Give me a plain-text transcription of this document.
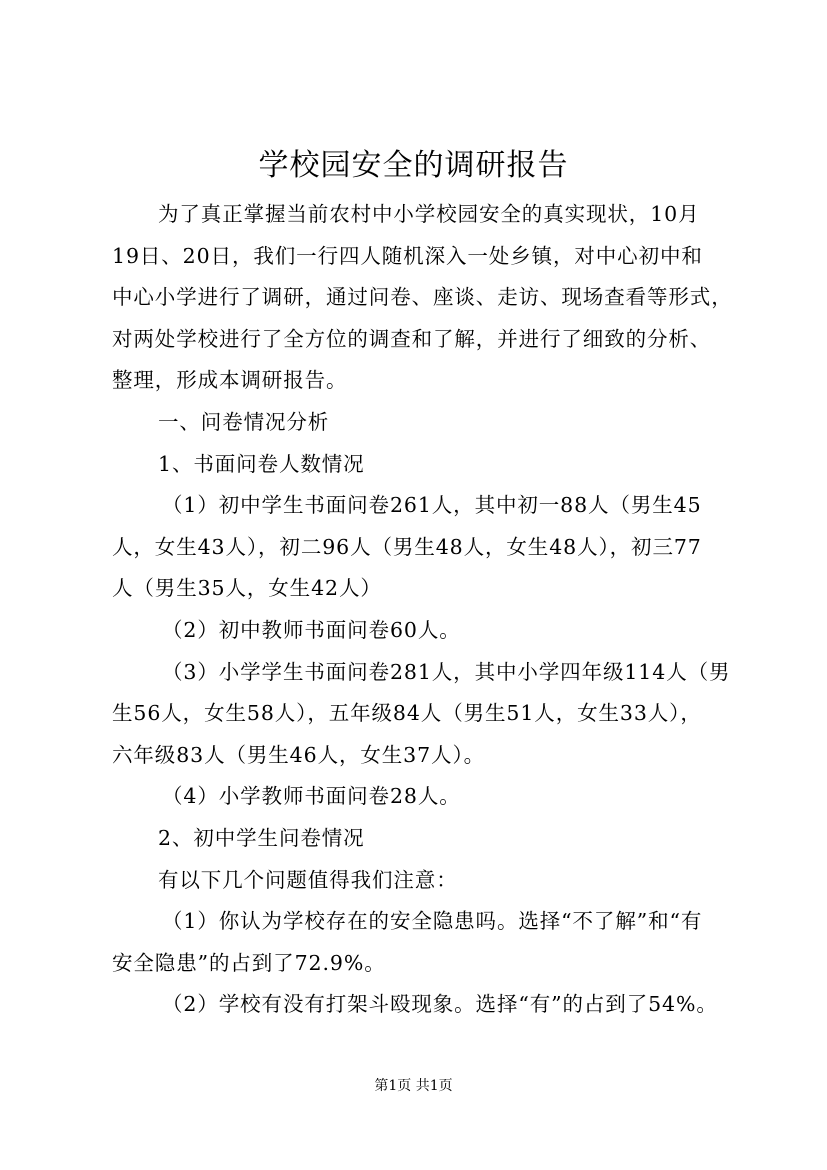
学校园安全的调研报告
为了真正掌握当前农村中小学校园安全的真实现状，10月
19日、20日，我们一行四人随机深入一处乡镇，对中心初中和
中心小学进行了调研，通过问卷、座谈、走访、现场查看等形式，
对两处学校进行了全方位的调查和了解，并进行了细致的分析、
整理，形成本调研报告。
一、问卷情况分析
1、书面问卷人数情况
（1）初中学生书面问卷261人，其中初一88人（男生45
人，女生43人），初二96人（男生48人，女生48人），初三77
人（男生35人，女生42人）
（2）初中教师书面问卷60人。
（3）小学学生书面问卷281人，其中小学四年级114人（男
生56人，女生58人），五年级84人（男生51人，女生33人），
六年级83人（男生46人，女生37人）。
（4）小学教师书面问卷28人。
2、初中学生问卷情况
有以下几个问题值得我们注意：
（1）你认为学校存在的安全隐患吗。选择“不了解”和“有
安全隐患”的占到了72.9%。
（2）学校有没有打架斗殴现象。选择“有”的占到了54%。
第1页 共1页
